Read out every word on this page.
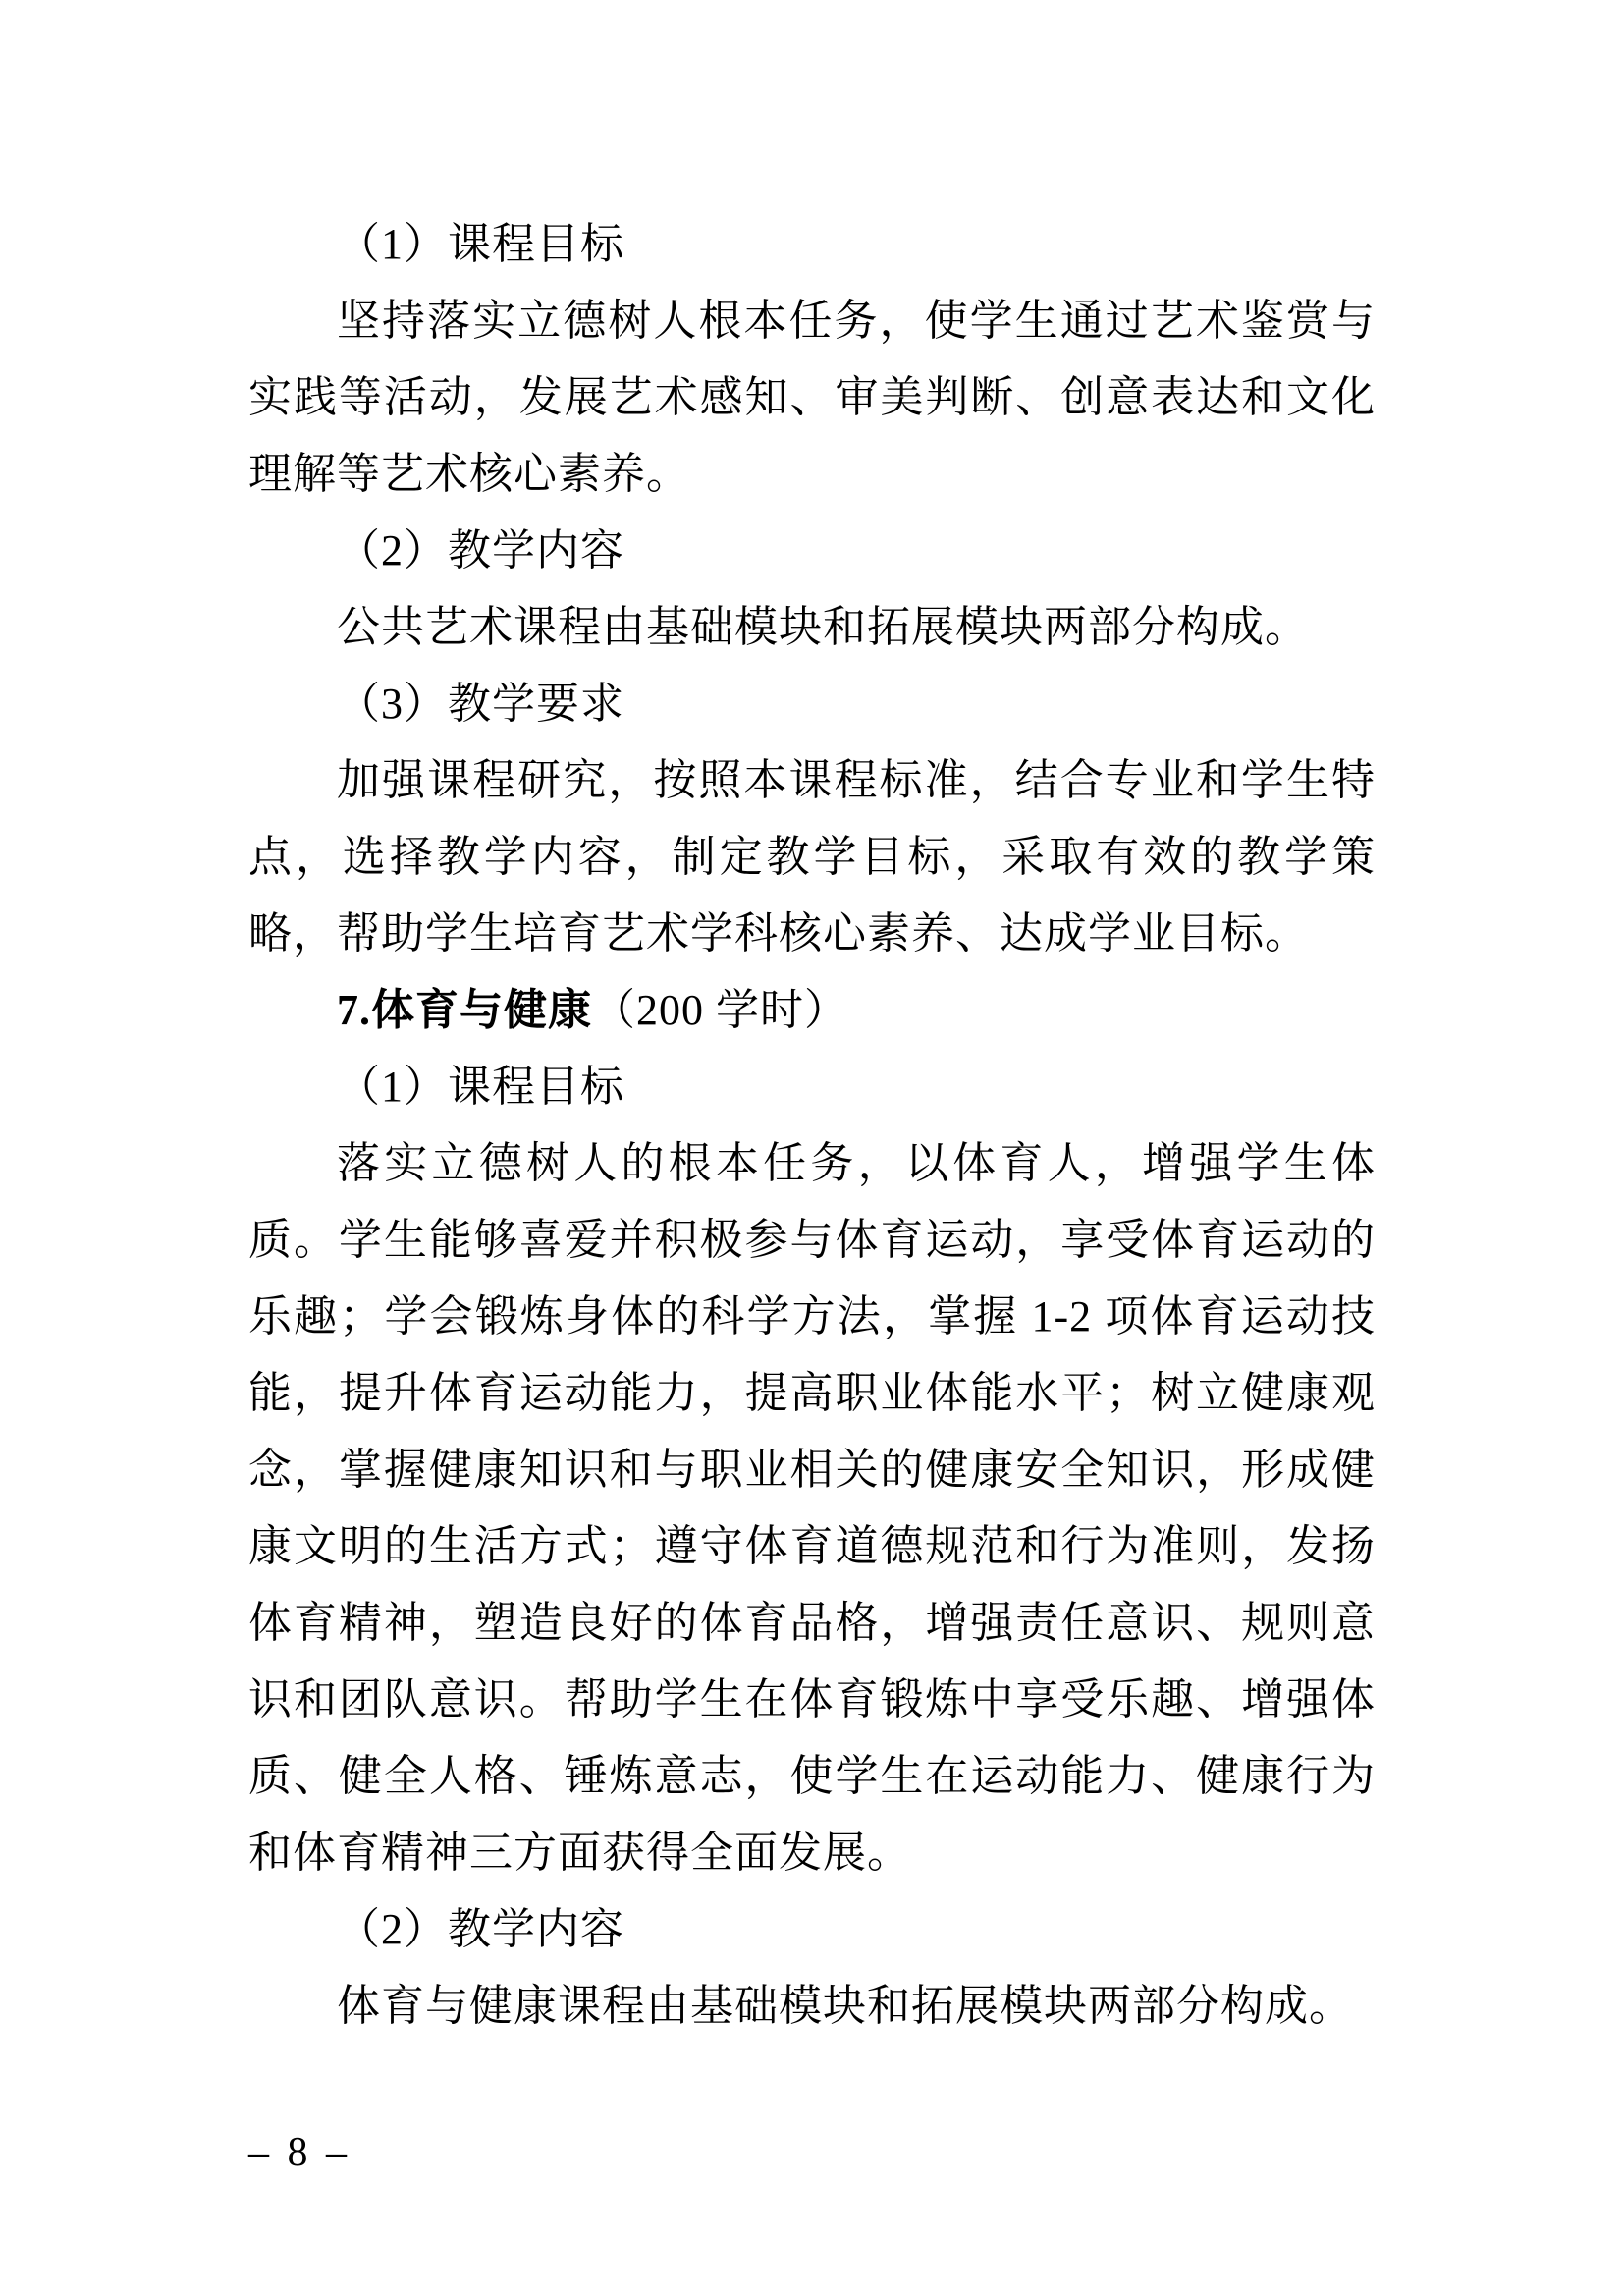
（1）课程目标

坚持落实立德树人根本任务，使学生通过艺术鉴赏与实践等活动，发展艺术感知、审美判断、创意表达和文化理解等艺术核心素养。

（2）教学内容

公共艺术课程由基础模块和拓展模块两部分构成。

（3）教学要求

加强课程研究，按照本课程标准，结合专业和学生特点，选择教学内容，制定教学目标，采取有效的教学策略，帮助学生培育艺术学科核心素养、达成学业目标。

7.体育与健康（200 学时）

（1）课程目标

落实立德树人的根本任务，以体育人，增强学生体质。学生能够喜爱并积极参与体育运动，享受体育运动的乐趣；学会锻炼身体的科学方法，掌握 1-2 项体育运动技能，提升体育运动能力，提高职业体能水平；树立健康观念，掌握健康知识和与职业相关的健康安全知识，形成健康文明的生活方式；遵守体育道德规范和行为准则，发扬体育精神，塑造良好的体育品格，增强责任意识、规则意识和团队意识。帮助学生在体育锻炼中享受乐趣、增强体质、健全人格、锤炼意志，使学生在运动能力、健康行为和体育精神三方面获得全面发展。

（2）教学内容

体育与健康课程由基础模块和拓展模块两部分构成。

– 8 –
